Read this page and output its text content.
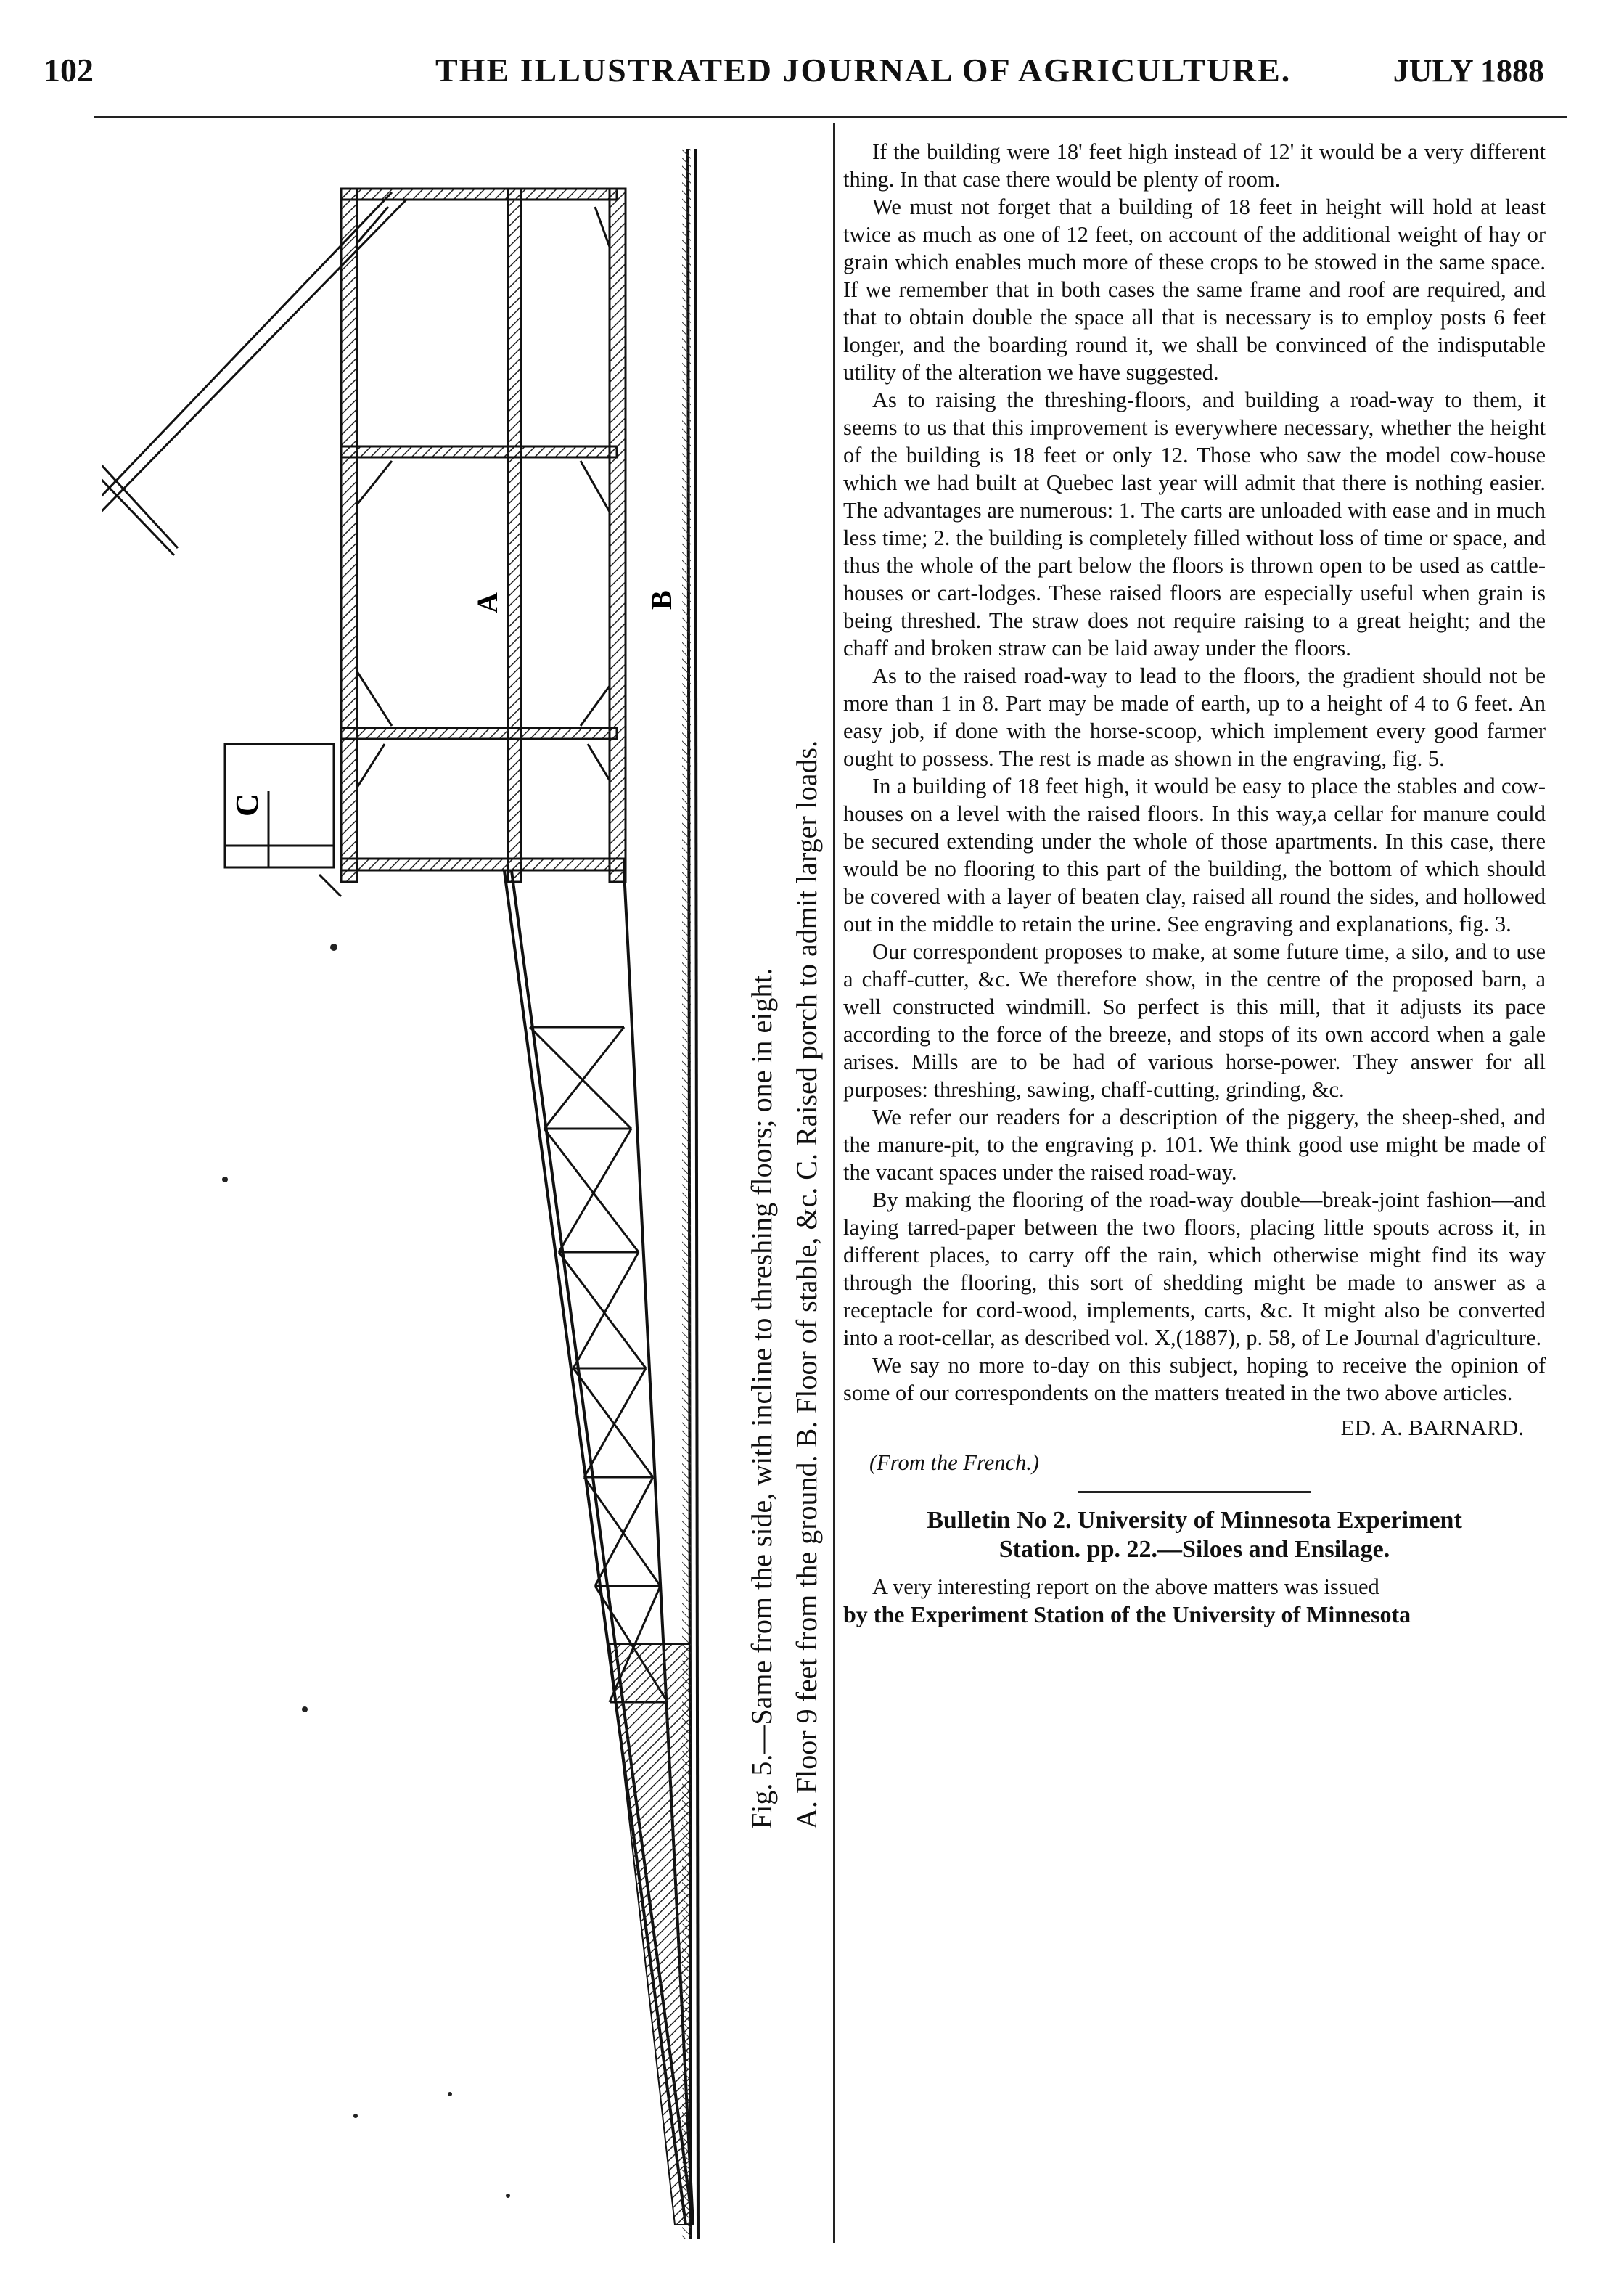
102	THE ILLUSTRATED JOURNAL OF AGRICULTURE.	JULY 1888
C
A	B
Fig. 5.—Same from the side, with incline to threshing floors; one in eight. A. Floor 9 feet from the ground. B. Floor of stable, &c. C. Raised porch to admit larger loads.

If the building were 18' feet high instead of 12' it would be a very different thing. In that case there would be plenty of room.

We must not forget that a building of 18 feet in height will hold at least twice as much as one of 12 feet, on account of the additional weight of hay or grain which enables much more of these crops to be stowed in the same space. If we remember that in both cases the same frame and roof are required, and that to obtain double the space all that is necessary is to employ posts 6 feet longer, and the boarding round it, we shall be convinced of the indisputable utility of the alteration we have suggested.

As to raising the threshing-floors, and building a road-way to them, it seems to us that this improvement is everywhere necessary, whether the height of the building is 18 feet or only 12. Those who saw the model cow-house which we had built at Quebec last year will admit that there is nothing easier. The advantages are numerous: 1. The carts are unloaded with ease and in much less time; 2. the building is completely filled without loss of time or space, and thus the whole of the part below the floors is thrown open to be used as cattle-houses or cart-lodges. These raised floors are especially useful when grain is being threshed. The straw does not require raising to a great height; and the chaff and broken straw can be laid away under the floors.

As to the raised road-way to lead to the floors, the gradient should not be more than 1 in 8. Part may be made of earth, up to a height of 4 to 6 feet. An easy job, if done with the horse-scoop, which implement every good farmer ought to possess. The rest is made as shown in the engraving, fig. 5.

In a building of 18 feet high, it would be easy to place the stables and cow-houses on a level with the raised floors. In this way,a cellar for manure could be secured extending under the whole of those apartments. In this case, there would be no flooring to this part of the building, the bottom of which should be covered with a layer of beaten clay, raised all round the sides, and hollowed out in the middle to retain the urine. See engraving and explanations, fig. 3.

Our correspondent proposes to make, at some future time, a silo, and to use a chaff-cutter, &c. We therefore show, in the centre of the proposed barn, a well constructed windmill. So perfect is this mill, that it adjusts its pace according to the force of the breeze, and stops of its own accord when a gale arises. Mills are to be had of various horse-power. They answer for all purposes: threshing, sawing, chaff-cutting, grinding, &c.

We refer our readers for a description of the piggery, the sheep-shed, and the manure-pit, to the engraving p. 101. We think good use might be made of the vacant spaces under the raised road-way.

By making the flooring of the road-way double—break-joint fashion—and laying tarred-paper between the two floors, placing little spouts across it, in different places, to carry off the rain, which otherwise might find its way through the flooring, this sort of shedding might be made to answer as a receptacle for cord-wood, implements, carts, &c. It might also be converted into a root-cellar, as described vol. X,(1887), p. 58, of Le Journal d'agriculture.

We say no more to-day on this subject, hoping to receive the opinion of some of our correspondents on the matters treated in the two above articles.

ED. A. BARNARD.
(From the French.)
Bulletin No 2. University of Minnesota Experiment
Station. pp. 22.—Siloes and Ensilage.

A very interesting report on the above matters was issued

by the Experiment Station of the University of Minnesota
